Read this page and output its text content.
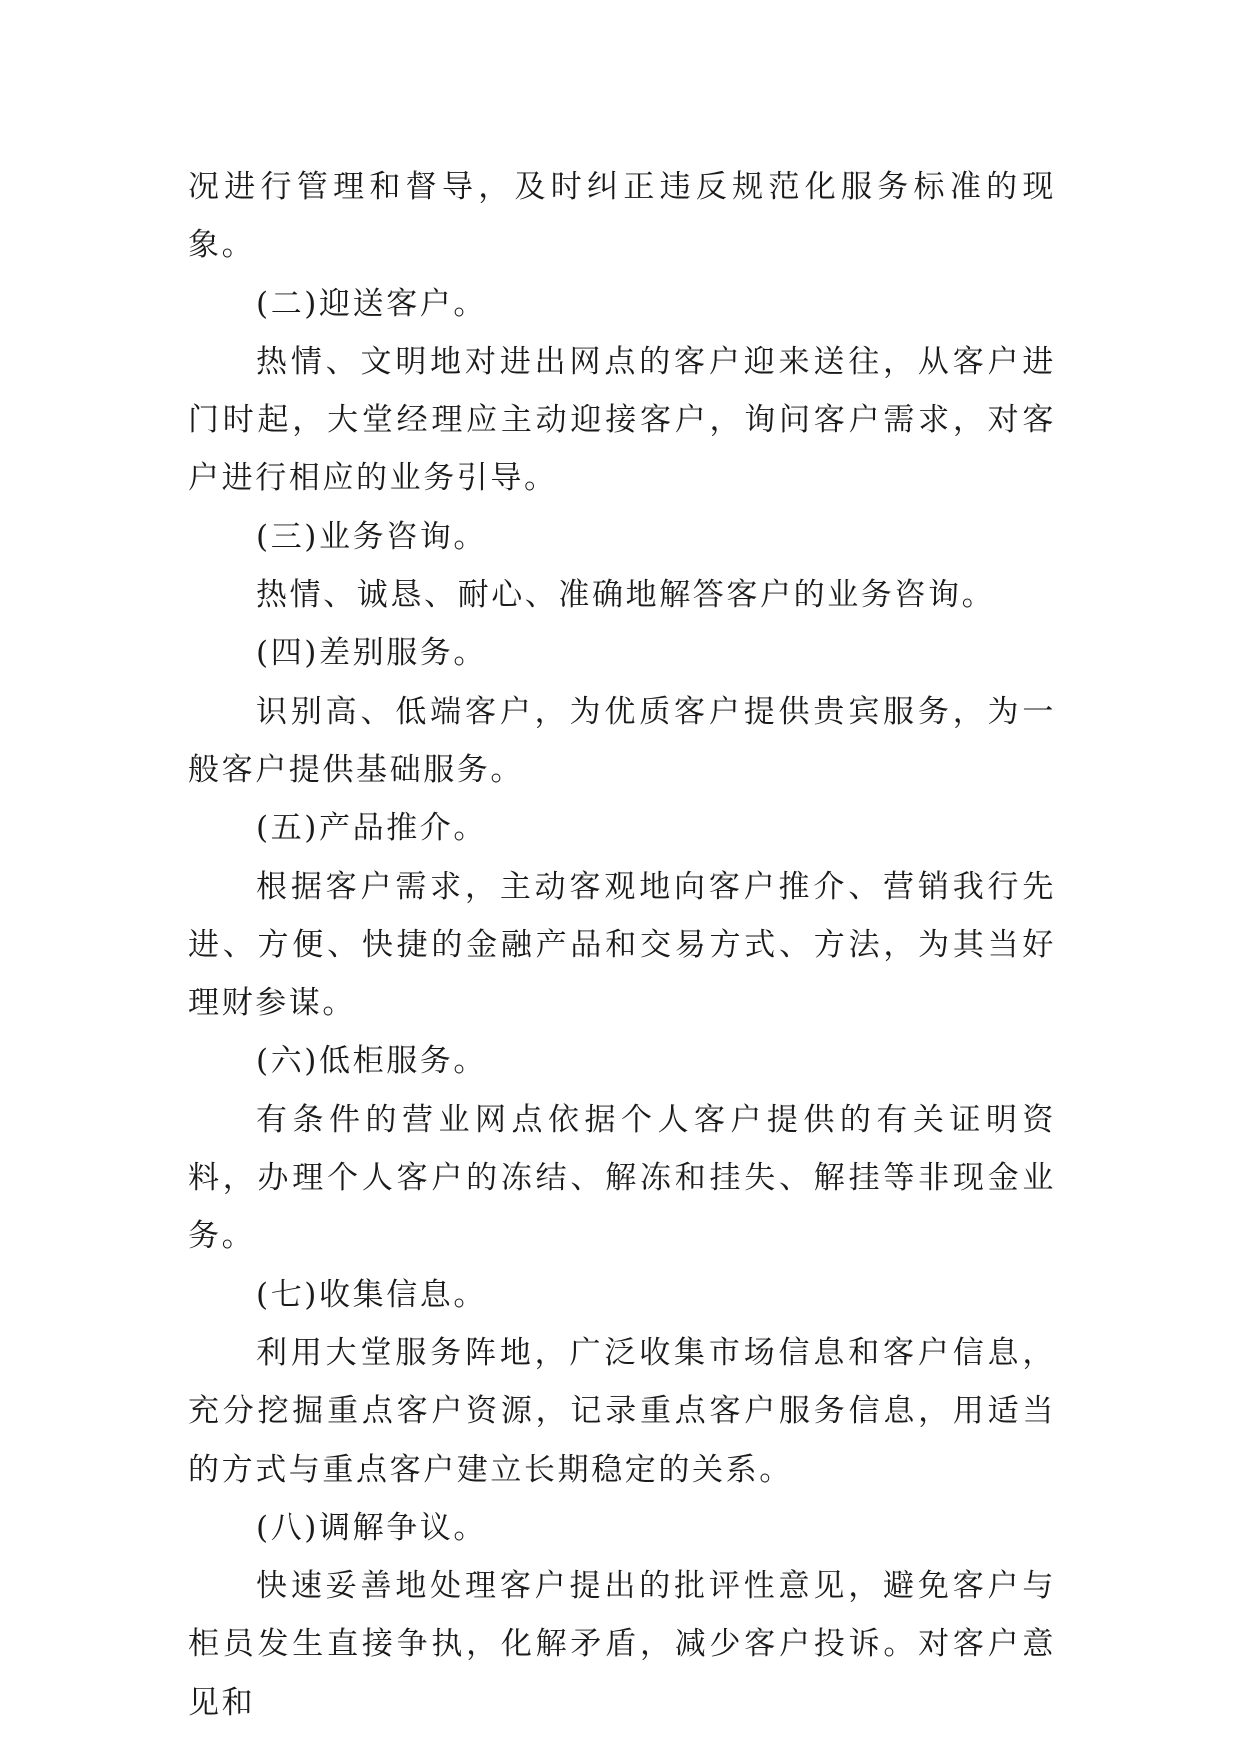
况进行管理和督导，及时纠正违反规范化服务标准的现象。

(二)迎送客户。

热情、文明地对进出网点的客户迎来送往，从客户进门时起，大堂经理应主动迎接客户，询问客户需求，对客户进行相应的业务引导。

(三)业务咨询。

热情、诚恳、耐心、准确地解答客户的业务咨询。

(四)差别服务。

识别高、低端客户，为优质客户提供贵宾服务，为一般客户提供基础服务。

(五)产品推介。

根据客户需求，主动客观地向客户推介、营销我行先进、方便、快捷的金融产品和交易方式、方法，为其当好理财参谋。

(六)低柜服务。

有条件的营业网点依据个人客户提供的有关证明资料，办理个人客户的冻结、解冻和挂失、解挂等非现金业务。

(七)收集信息。

利用大堂服务阵地，广泛收集市场信息和客户信息，充分挖掘重点客户资源，记录重点客户服务信息，用适当的方式与重点客户建立长期稳定的关系。

(八)调解争议。

快速妥善地处理客户提出的批评性意见，避免客户与柜员发生直接争执，化解矛盾，减少客户投诉。对客户意见和
